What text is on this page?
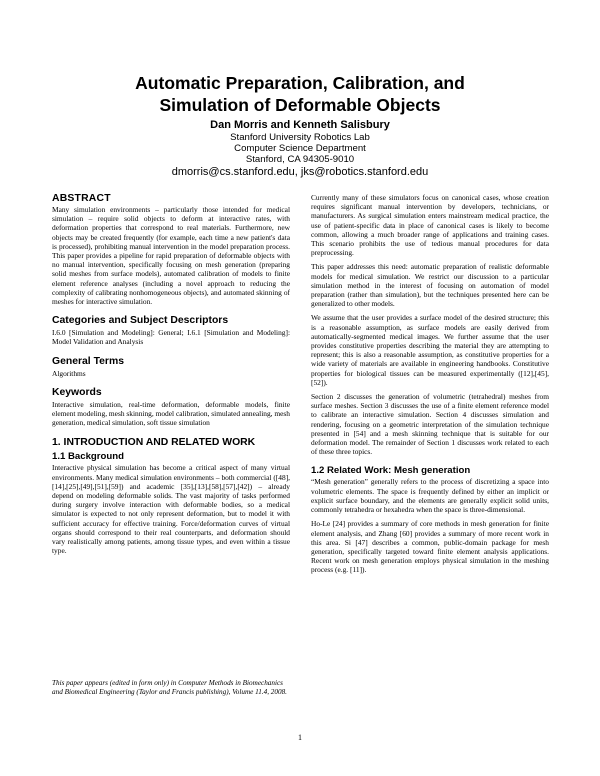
Automatic Preparation, Calibration, and
Simulation of Deformable Objects
Dan Morris and Kenneth Salisbury
Stanford University Robotics Lab
Computer Science Department
Stanford, CA 94305-9010
dmorris@cs.stanford.edu, jks@robotics.stanford.edu

ABSTRACT

Many simulation environments – particularly those intended for medical simulation – require solid objects to deform at interactive rates, with deformation properties that correspond to real materials. Furthermore, new objects may be created frequently (for example, each time a new patient's data is processed), prohibiting manual intervention in the model preparation process. This paper provides a pipeline for rapid preparation of deformable objects with no manual intervention, specifically focusing on mesh generation (preparing solid meshes from surface models), automated calibration of models to finite element reference analyses (including a novel approach to reducing the complexity of calibrating nonhomogeneous objects), and automated skinning of meshes for interactive simulation.

Categories and Subject Descriptors

I.6.0 [Simulation and Modeling]: General; I.6.1 [Simulation and Modeling]: Model Validation and Analysis

General Terms

Algorithms

Keywords

Interactive simulation, real-time deformation, deformable models, finite element modeling, mesh skinning, model calibration, simulated annealing, mesh generation, medical simulation, soft tissue simulation

1. INTRODUCTION AND RELATED WORK

1.1 Background

Interactive physical simulation has become a critical aspect of many virtual environments. Many medical simulation environments – both commercial ([48],[14],[25],[49],[51],[59]) and academic [35],[13],[58],[57],[42]) – already depend on modeling deformable solids. The vast majority of tasks performed during surgery involve interaction with deformable bodies, so a medical simulator is expected to not only represent deformation, but to model it with sufficient accuracy for effective training. Force/deformation curves of virtual organs should correspond to their real counterparts, and deformation should vary realistically among patients, among tissue types, and even within a tissue type.

This paper appears (edited in form only) in Computer Methods in Biomechanics and Biomedical Engineering (Taylor and Francis publishing), Volume 11.4, 2008.

Currently many of these simulators focus on canonical cases, whose creation requires significant manual intervention by developers, technicians, or manufacturers. As surgical simulation enters mainstream medical practice, the use of patient-specific data in place of canonical cases is likely to become common, allowing a much broader range of applications and training cases. This scenario prohibits the use of tedious manual procedures for data preprocessing.

This paper addresses this need: automatic preparation of realistic deformable models for medical simulation. We restrict our discussion to a particular simulation method in the interest of focusing on automation of model preparation (rather than simulation), but the techniques presented here can be generalized to other models.

We assume that the user provides a surface model of the desired structure; this is a reasonable assumption, as surface models are easily derived from automatically-segmented medical images. We further assume that the user provides constitutive properties describing the material they are attempting to represent; this is also a reasonable assumption, as constitutive properties for a wide variety of materials are available in engineering handbooks. Constitutive properties for biological tissues can be measured experimentally ([12],[45],[52]).

Section 2 discusses the generation of volumetric (tetrahedral) meshes from surface meshes. Section 3 discusses the use of a finite element reference model to calibrate an interactive simulation. Section 4 discusses simulation and rendering, focusing on a geometric interpretation of the simulation technique presented in [54] and a mesh skinning technique that is suitable for our deformation model. The remainder of Section 1 discusses work related to each of these three topics.

1.2 Related Work: Mesh generation

“Mesh generation” generally refers to the process of discretizing a space into volumetric elements. The space is frequently defined by either an implicit or explicit surface boundary, and the elements are generally explicit solid units, commonly tetrahedra or hexahedra when the space is three-dimensional.

Ho-Le [24] provides a summary of core methods in mesh generation for finite element analysis, and Zhang [60] provides a summary of more recent work in this area. Si [47] describes a common, public-domain package for mesh generation, specifically targeted toward finite element analysis applications. Recent work on mesh generation employs physical simulation in the meshing process (e.g. [11]).

1
